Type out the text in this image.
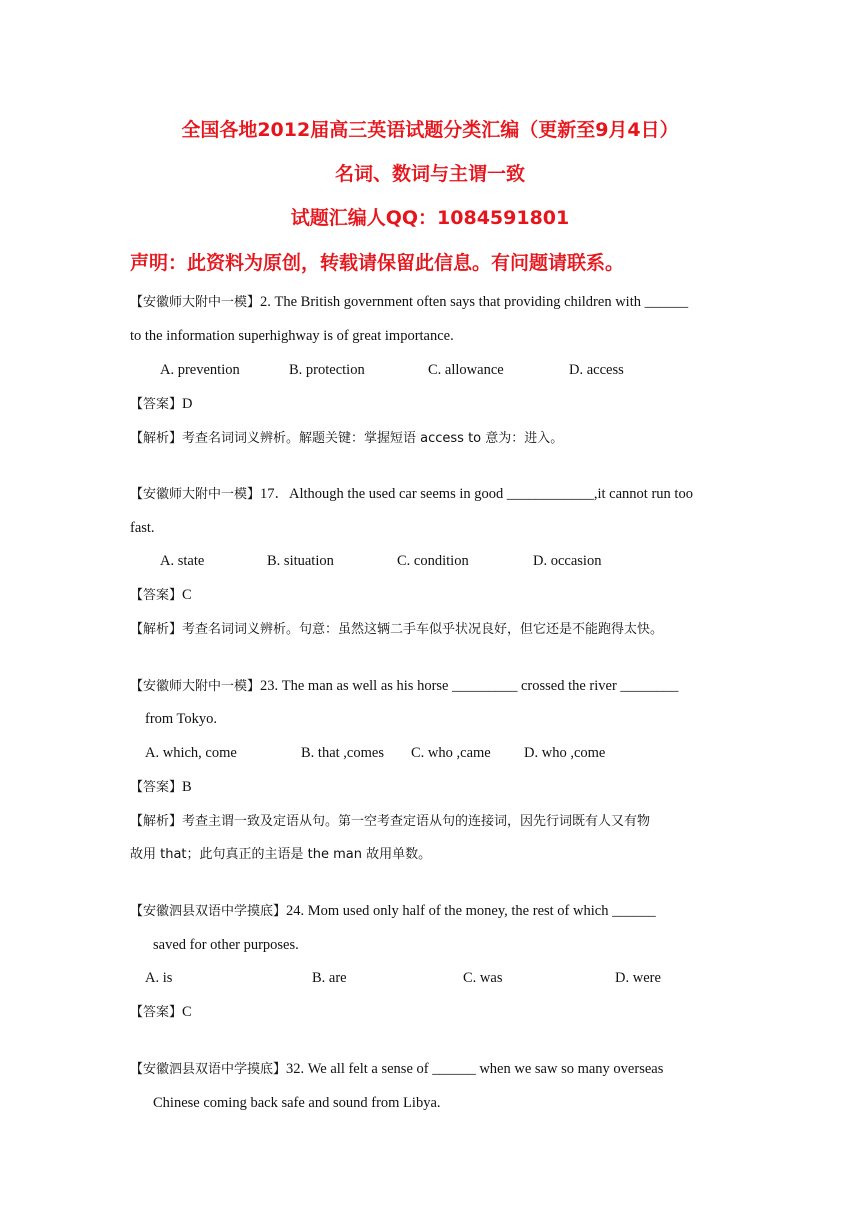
全国各地2012届高三英语试题分类汇编（更新至9月4日）
名词、数词与主谓一致
试题汇编人QQ：1084591801
声明：此资料为原创，转载请保留此信息。有问题请联系。
【安徽师大附中一模】2. The British government often says that providing children with ______
to the information superhighway is of great importance.
A. prevention	B. protection	C. allowance	D. access
【答案】D
【解析】考查名词词义辨析。解题关键：掌握短语 access to 意为：进入。
【安徽师大附中一模】17．Although the used car seems in good ____________,it cannot run too
fast.
A. state	B. situation	C. condition	D. occasion
【答案】C
【解析】考查名词词义辨析。句意：虽然这辆二手车似乎状况良好，但它还是不能跑得太快。
【安徽师大附中一模】23. The man as well as his horse _________ crossed the river ________
from Tokyo.
A. which, come	B. that ,comes C. who ,came D. who ,come
【答案】B
【解析】考查主谓一致及定语从句。第一空考查定语从句的连接词，因先行词既有人又有物
故用 that；此句真正的主语是 the man 故用单数。
【安徽泗县双语中学摸底】24. Mom used only half of the money, the rest of which ______
saved for other purposes.
A. is	B. are	C. was	D. were
【答案】C
【安徽泗县双语中学摸底】32. We all felt a sense of ______ when we saw so many overseas
Chinese coming back safe and sound from Libya.
